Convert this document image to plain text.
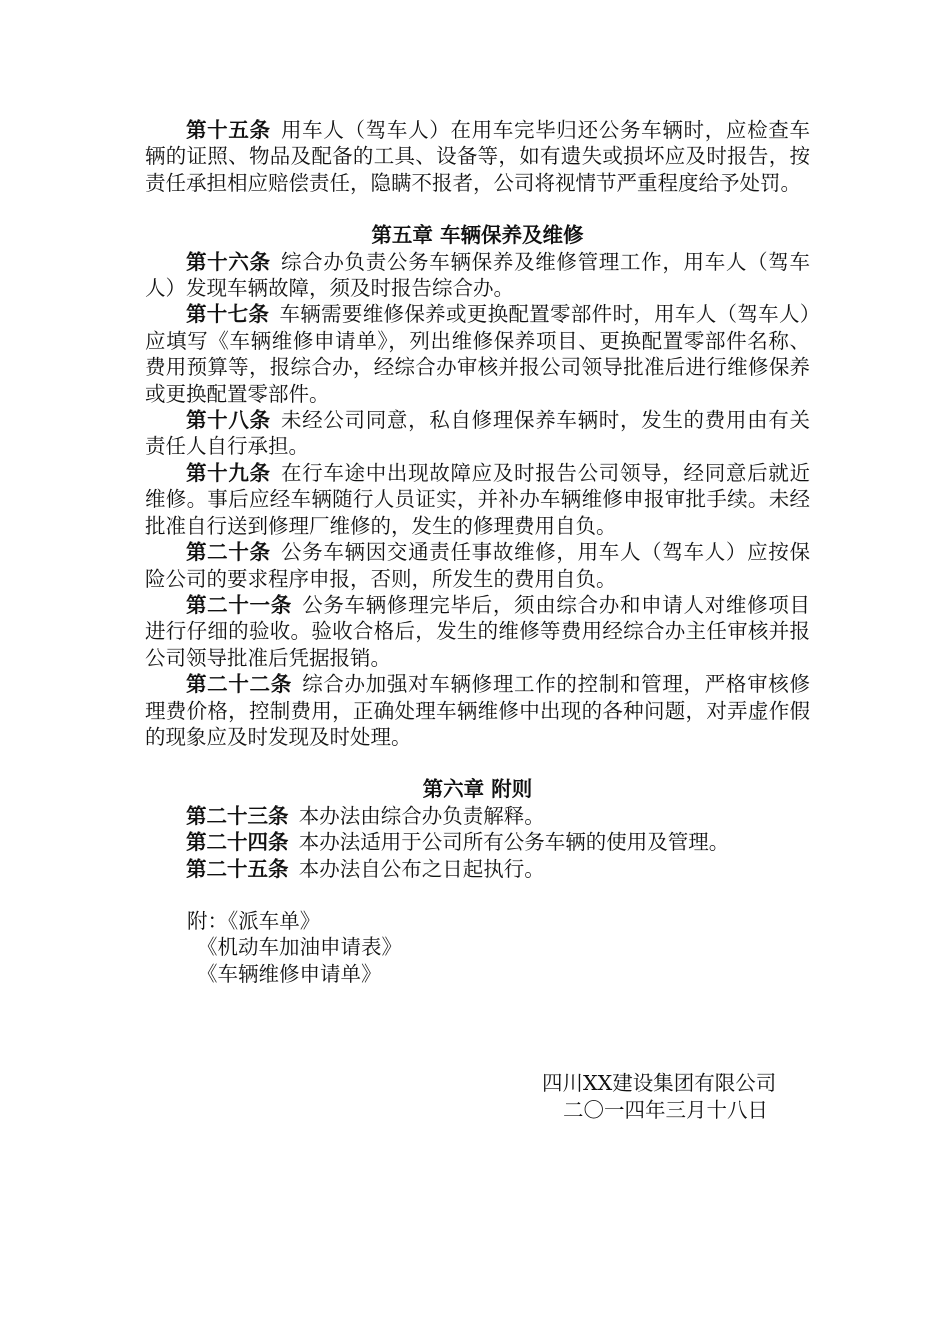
第十五条 用车人（驾车人）在用车完毕归还公务车辆时，应检查车辆的证照、物品及配备的工具、设备等，如有遗失或损坏应及时报告，按责任承担相应赔偿责任，隐瞒不报者，公司将视情节严重程度给予处罚。

第五章 车辆保养及维修

第十六条 综合办负责公务车辆保养及维修管理工作，用车人（驾车人）发现车辆故障，须及时报告综合办。

第十七条 车辆需要维修保养或更换配置零部件时，用车人（驾车人）应填写《车辆维修申请单》，列出维修保养项目、更换配置零部件名称、费用预算等，报综合办，经综合办审核并报公司领导批准后进行维修保养或更换配置零部件。

第十八条 未经公司同意，私自修理保养车辆时，发生的费用由有关责任人自行承担。

第十九条 在行车途中出现故障应及时报告公司领导，经同意后就近维修。事后应经车辆随行人员证实，并补办车辆维修申报审批手续。未经批准自行送到修理厂维修的，发生的修理费用自负。

第二十条 公务车辆因交通责任事故维修，用车人（驾车人）应按保险公司的要求程序申报，否则，所发生的费用自负。

第二十一条 公务车辆修理完毕后，须由综合办和申请人对维修项目进行仔细的验收。验收合格后，发生的维修等费用经综合办主任审核并报公司领导批准后凭据报销。

第二十二条 综合办加强对车辆修理工作的控制和管理，严格审核修理费价格，控制费用，正确处理车辆维修中出现的各种问题，对弄虚作假的现象应及时发现及时处理。

第六章 附则

第二十三条 本办法由综合办负责解释。

第二十四条 本办法适用于公司所有公务车辆的使用及管理。

第二十五条 本办法自公布之日起执行。

附：《派车单》

《机动车加油申请表》

《车辆维修申请单》

四川XX建设集团有限公司
二〇一四年三月十八日
